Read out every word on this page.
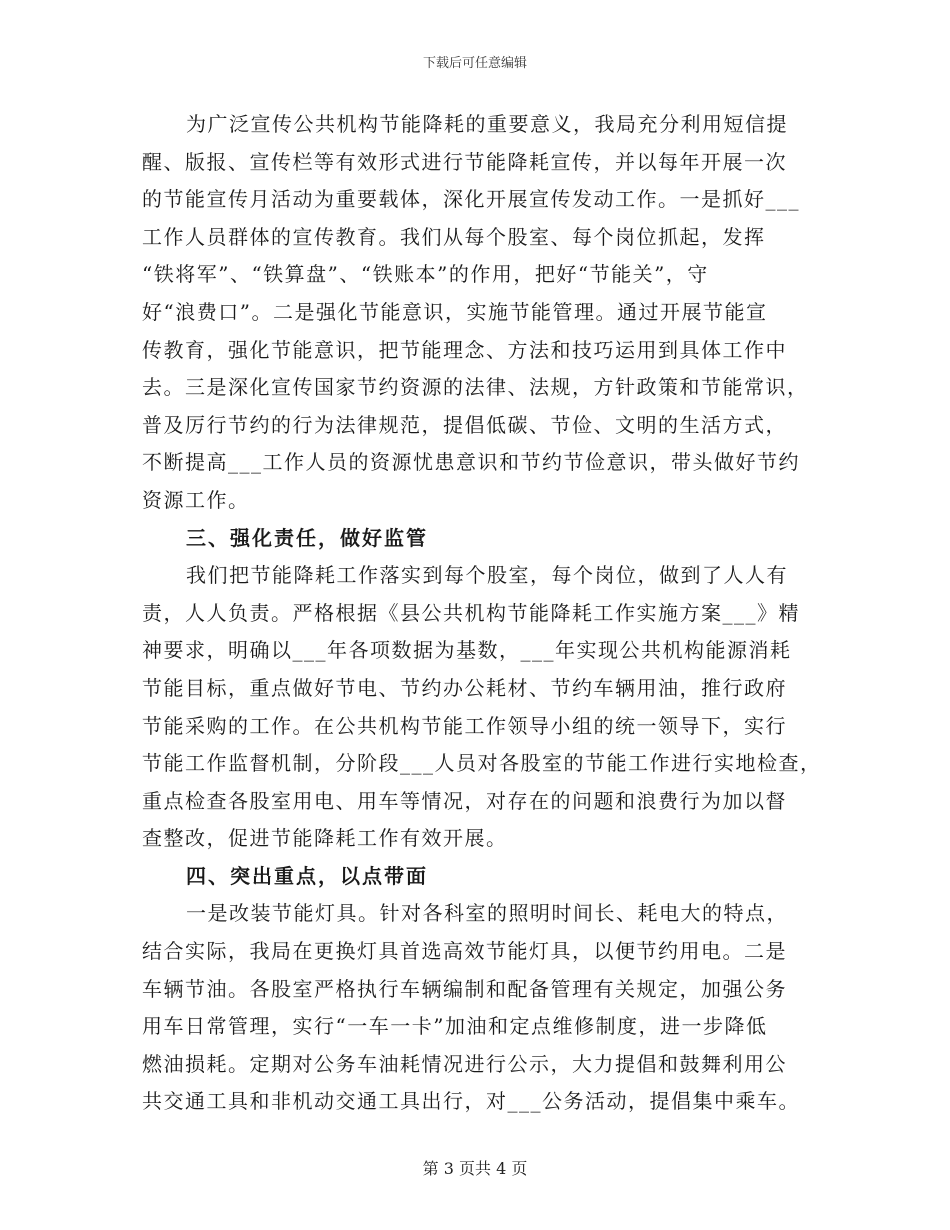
下载后可任意编辑
为广泛宣传公共机构节能降耗的重要意义，我局充分利用短信提
醒、版报、宣传栏等有效形式进行节能降耗宣传，并以每年开展一次
的节能宣传月活动为重要载体，深化开展宣传发动工作。一是抓好___
工作人员群体的宣传教育。我们从每个股室、每个岗位抓起，发挥
“铁将军”、“铁算盘”、“铁账本”的作用，把好“节能关”，守
好“浪费口”。二是强化节能意识，实施节能管理。通过开展节能宣
传教育，强化节能意识，把节能理念、方法和技巧运用到具体工作中
去。三是深化宣传国家节约资源的法律、法规，方针政策和节能常识，
普及厉行节约的行为法律规范，提倡低碳、节俭、文明的生活方式，
不断提高___工作人员的资源忧患意识和节约节俭意识，带头做好节约
资源工作。
三、强化责任，做好监管
我们把节能降耗工作落实到每个股室，每个岗位，做到了人人有
责，人人负责。严格根据《县公共机构节能降耗工作实施方案___》精
神要求，明确以___年各项数据为基数，___年实现公共机构能源消耗
节能目标，重点做好节电、节约办公耗材、节约车辆用油，推行政府
节能采购的工作。在公共机构节能工作领导小组的统一领导下，实行
节能工作监督机制，分阶段___人员对各股室的节能工作进行实地检查，
重点检查各股室用电、用车等情况，对存在的问题和浪费行为加以督
查整改，促进节能降耗工作有效开展。
四、突出重点，以点带面
一是改装节能灯具。针对各科室的照明时间长、耗电大的特点，
结合实际，我局在更换灯具首选高效节能灯具，以便节约用电。二是
车辆节油。各股室严格执行车辆编制和配备管理有关规定，加强公务
用车日常管理，实行“一车一卡”加油和定点维修制度，进一步降低
燃油损耗。定期对公务车油耗情况进行公示，大力提倡和鼓舞利用公
共交通工具和非机动交通工具出行，对___公务活动，提倡集中乘车。
第 3 页共 4 页
